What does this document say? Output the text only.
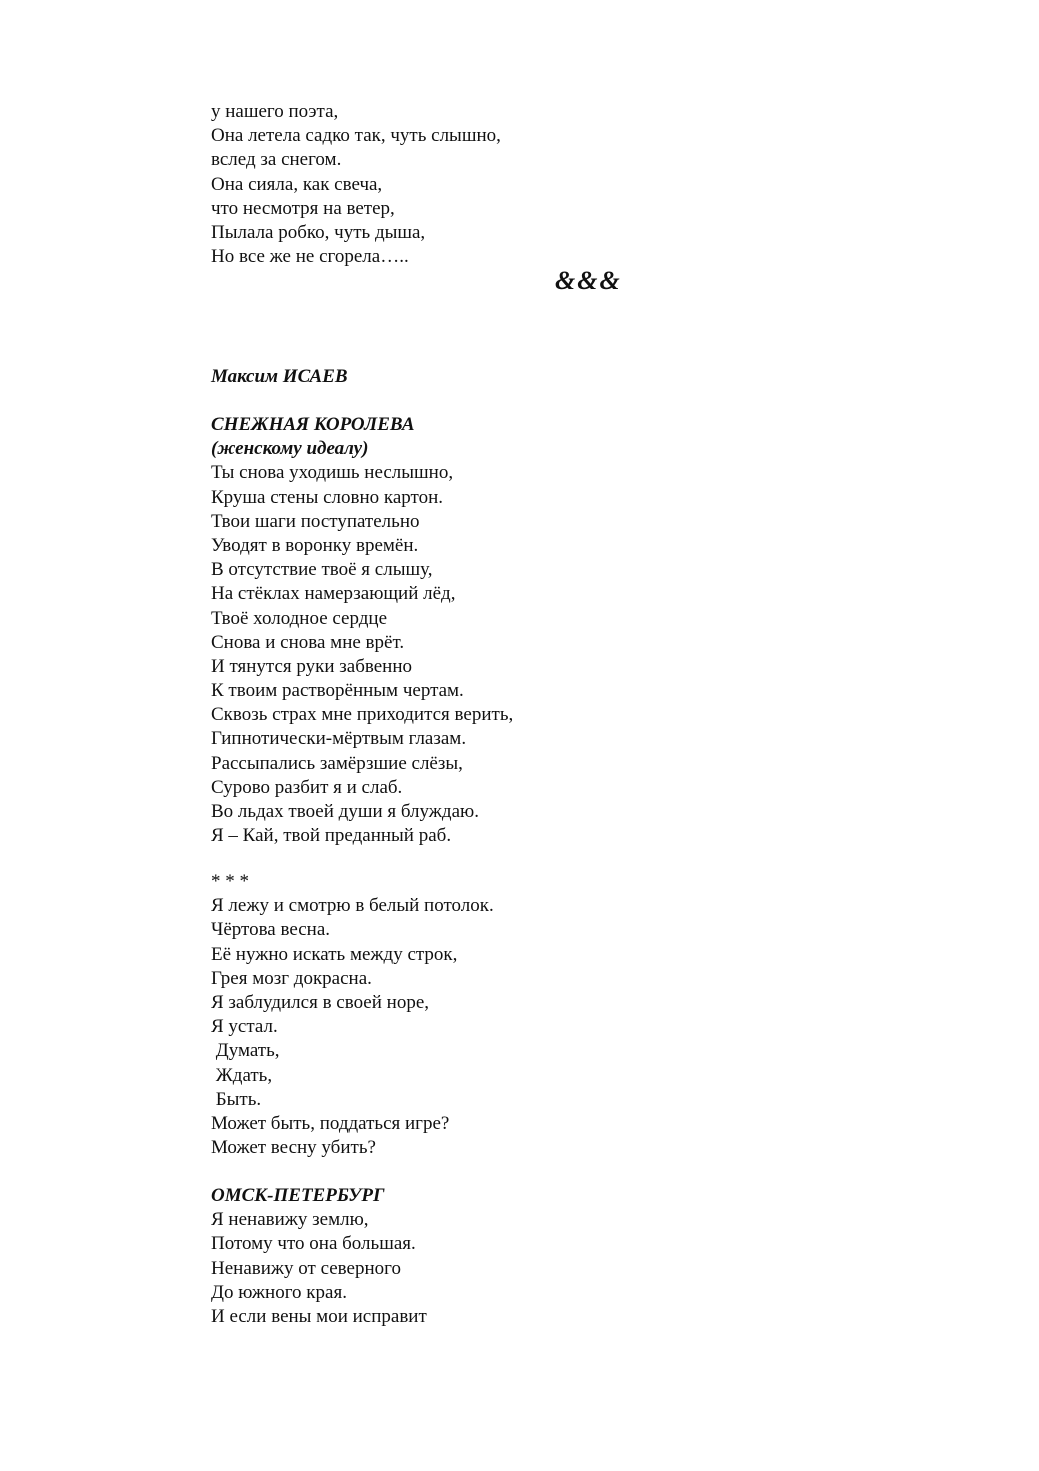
у нашего поэта,

Она летела садко так, чуть слышно,

вслед за снегом.

Она сияла, как свеча,

что несмотря на ветер,

Пылала робко, чуть дыша,

Но все же не сгорела…..

&&&

Максим ИСАЕВ

СНЕЖНАЯ КОРОЛЕВА

(женскому идеалу)

Ты снова уходишь неслышно,

Круша стены словно картон.

Твои шаги поступательно

Уводят в воронку времён.

В отсутствие твоё я слышу,

На стёклах намерзающий лёд,

Твоё холодное сердце

Снова и снова мне врёт.

И тянутся руки забвенно

К твоим растворённым чертам.

Сквозь страх мне приходится верить,

Гипнотически-мёртвым глазам.

Рассыпались замёрзшие слёзы,

Сурово разбит я и слаб.

Во льдах твоей души я блуждаю.

Я – Кай, твой преданный раб.

* * *

Я лежу и смотрю в белый потолок.

Чёртова весна.

Её нужно искать между строк,

Грея мозг докрасна.

Я заблудился в своей норе,

Я устал.

Думать,

Ждать,

Быть.

Может быть, поддаться игре?

Может весну убить?

ОМСК-ПЕТЕРБУРГ

Я ненавижу землю,

Потому что она большая.

Ненавижу от северного

До южного края.

И если вены мои исправит
